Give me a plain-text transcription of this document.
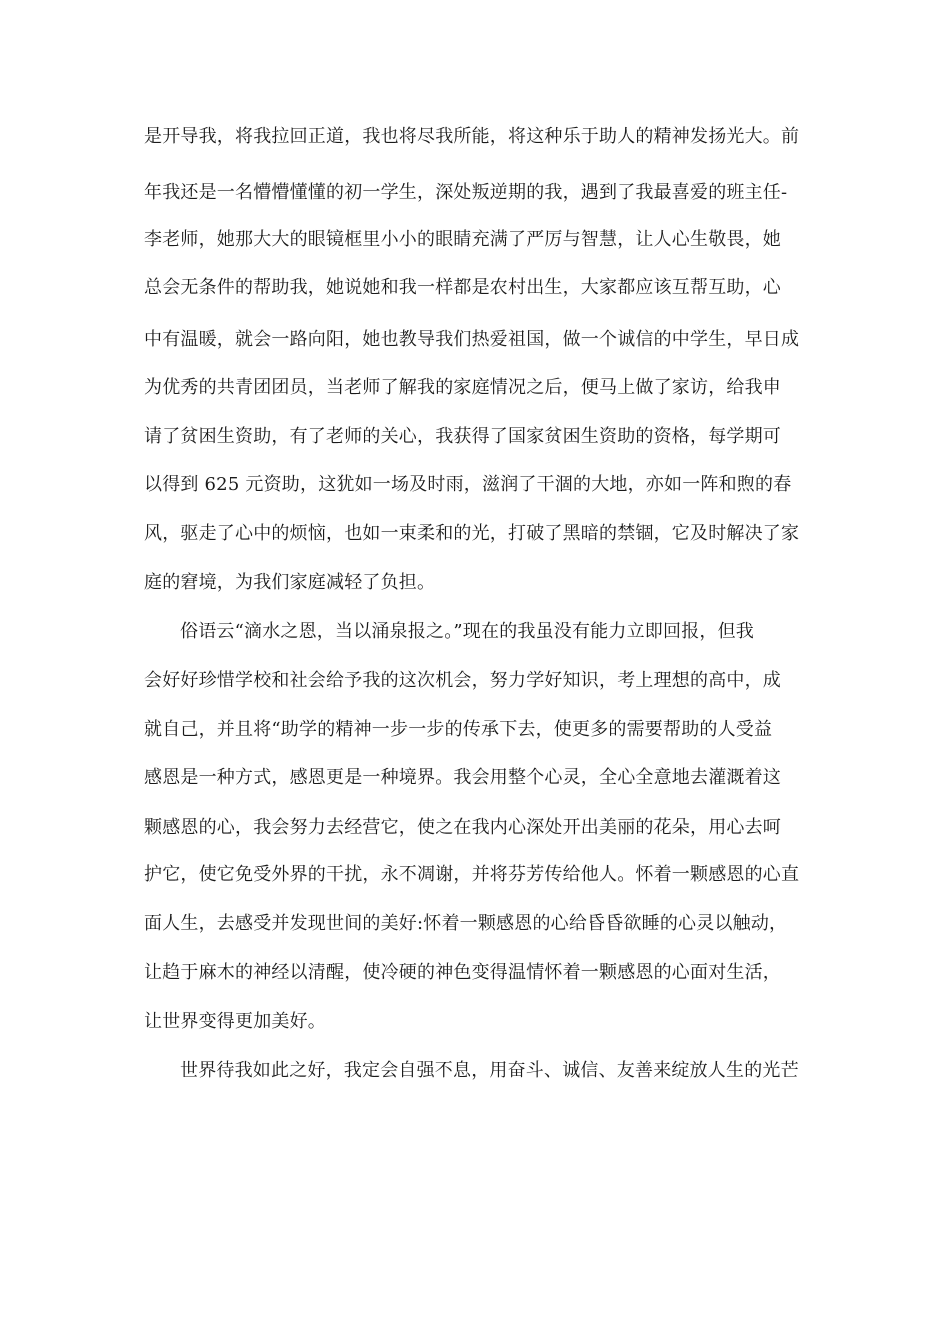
是开导我，将我拉回正道，我也将尽我所能，将这种乐于助人的精神发扬光大。前
年我还是一名懵懵懂懂的初一学生，深处叛逆期的我，遇到了我最喜爱的班主任-
李老师，她那大大的眼镜框里小小的眼睛充满了严厉与智慧，让人心生敬畏，她
总会无条件的帮助我，她说她和我一样都是农村出生，大家都应该互帮互助，心
中有温暖，就会一路向阳，她也教导我们热爱祖国，做一个诚信的中学生，早日成
为优秀的共青团团员，当老师了解我的家庭情况之后，便马上做了家访，给我申
请了贫困生资助，有了老师的关心，我获得了国家贫困生资助的资格，每学期可
以得到 625 元资助，这犹如一场及时雨，滋润了干涸的大地，亦如一阵和煦的春
风，驱走了心中的烦恼，也如一束柔和的光，打破了黑暗的禁锢，它及时解决了家
庭的窘境，为我们家庭减轻了负担。
俗语云“滴水之恩，当以涌泉报之。”现在的我虽没有能力立即回报，但我
会好好珍惜学校和社会给予我的这次机会，努力学好知识，考上理想的高中，成
就自己，并且将“助学的精神一步一步的传承下去，使更多的需要帮助的人受益
感恩是一种方式，感恩更是一种境界。我会用整个心灵，全心全意地去灌溉着这
颗感恩的心，我会努力去经营它，使之在我内心深处开出美丽的花朵，用心去呵
护它，使它免受外界的干扰，永不凋谢，并将芬芳传给他人。怀着一颗感恩的心直
面人生，去感受并发现世间的美好:怀着一颗感恩的心给昏昏欲睡的心灵以触动，
让趋于麻木的神经以清醒，使冷硬的神色变得温情怀着一颗感恩的心面对生活，
让世界变得更加美好。
世界待我如此之好，我定会自强不息，用奋斗、诚信、友善来绽放人生的光芒
